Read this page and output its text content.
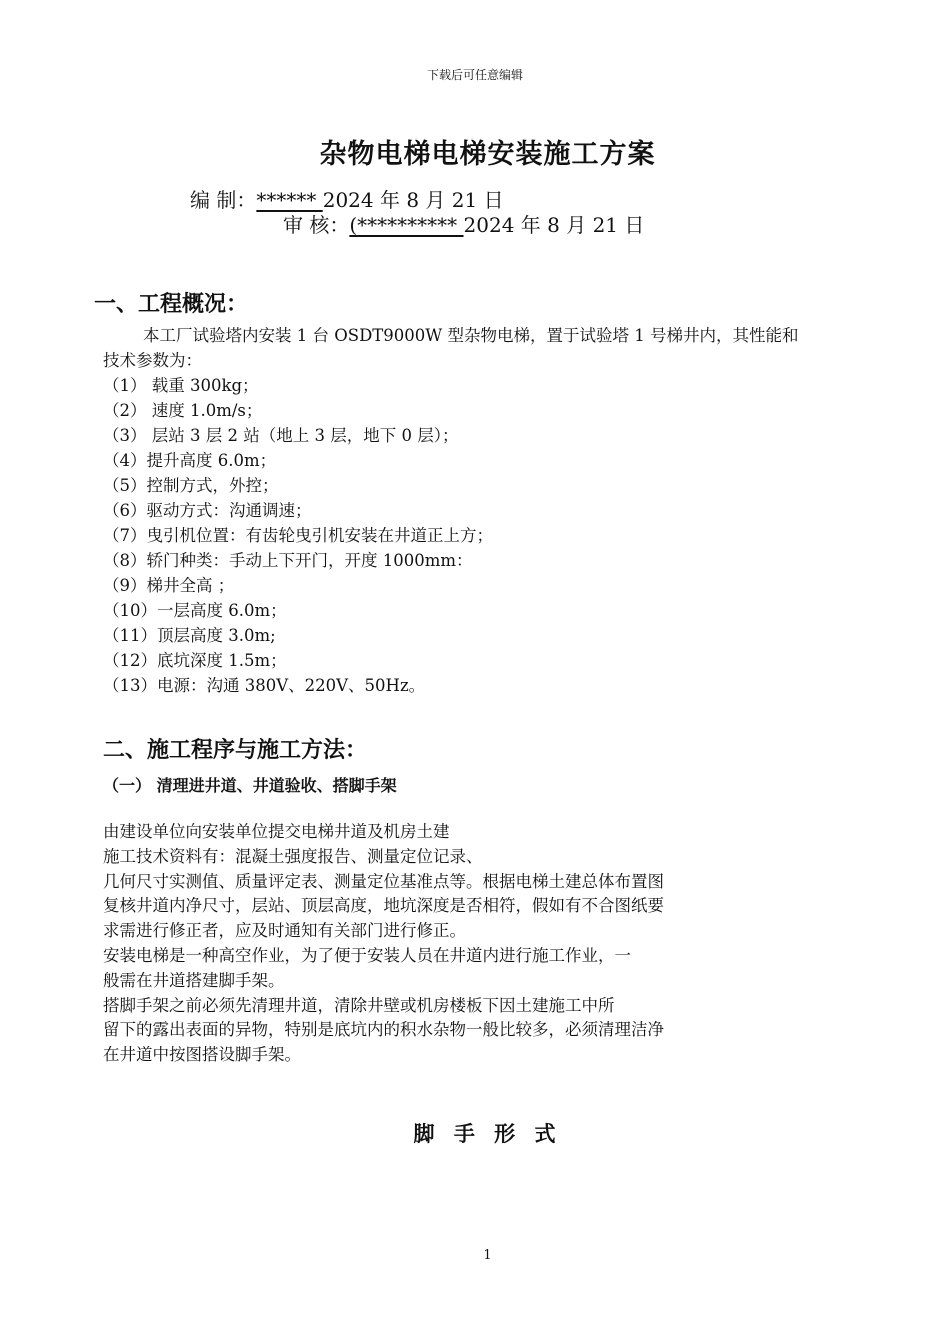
下载后可任意编辑
杂物电梯电梯安装施工方案
编 制：****** 2024 年 8 月 21 日
审 核：(********** 2024 年 8 月 21 日
一、工程概况：
本工厂试验塔内安装 1 台 OSDT9000W 型杂物电梯，置于试验塔 1 号梯井内，其性能和
技术参数为：
（1） 载重 300kg；
（2） 速度 1.0m/s；
（3） 层站 3 层 2 站（地上 3 层，地下 0 层）；
（4）提升高度 6.0m；
（5）控制方式，外控；
（6）驱动方式：沟通调速；
（7）曳引机位置：有齿轮曳引机安装在井道正上方；
（8）轿门种类：手动上下开门，开度 1000mm：
（9）梯井全高 ；
（10）一层高度 6.0m；
（11）顶层高度 3.0m;
（12）底坑深度 1.5m；
（13）电源：沟通 380V、220V、50Hz。
二、施工程序与施工方法：
（一） 清理进井道、井道验收、搭脚手架
由建设单位向安装单位提交电梯井道及机房土建
施工技术资料有：混凝土强度报告、测量定位记录、
几何尺寸实测值、质量评定表、测量定位基准点等。根据电梯土建总体布置图
复核井道内净尺寸，层站、顶层高度，地坑深度是否相符，假如有不合图纸要
求需进行修正者，应及时通知有关部门进行修正。
安装电梯是一种高空作业，为了便于安装人员在井道内进行施工作业，一
般需在井道搭建脚手架。
搭脚手架之前必须先清理井道，清除井壁或机房楼板下因土建施工中所
留下的露出表面的异物，特别是底坑内的积水杂物一般比较多，必须清理洁净
在井道中按图搭设脚手架。
脚 手 形 式
1
